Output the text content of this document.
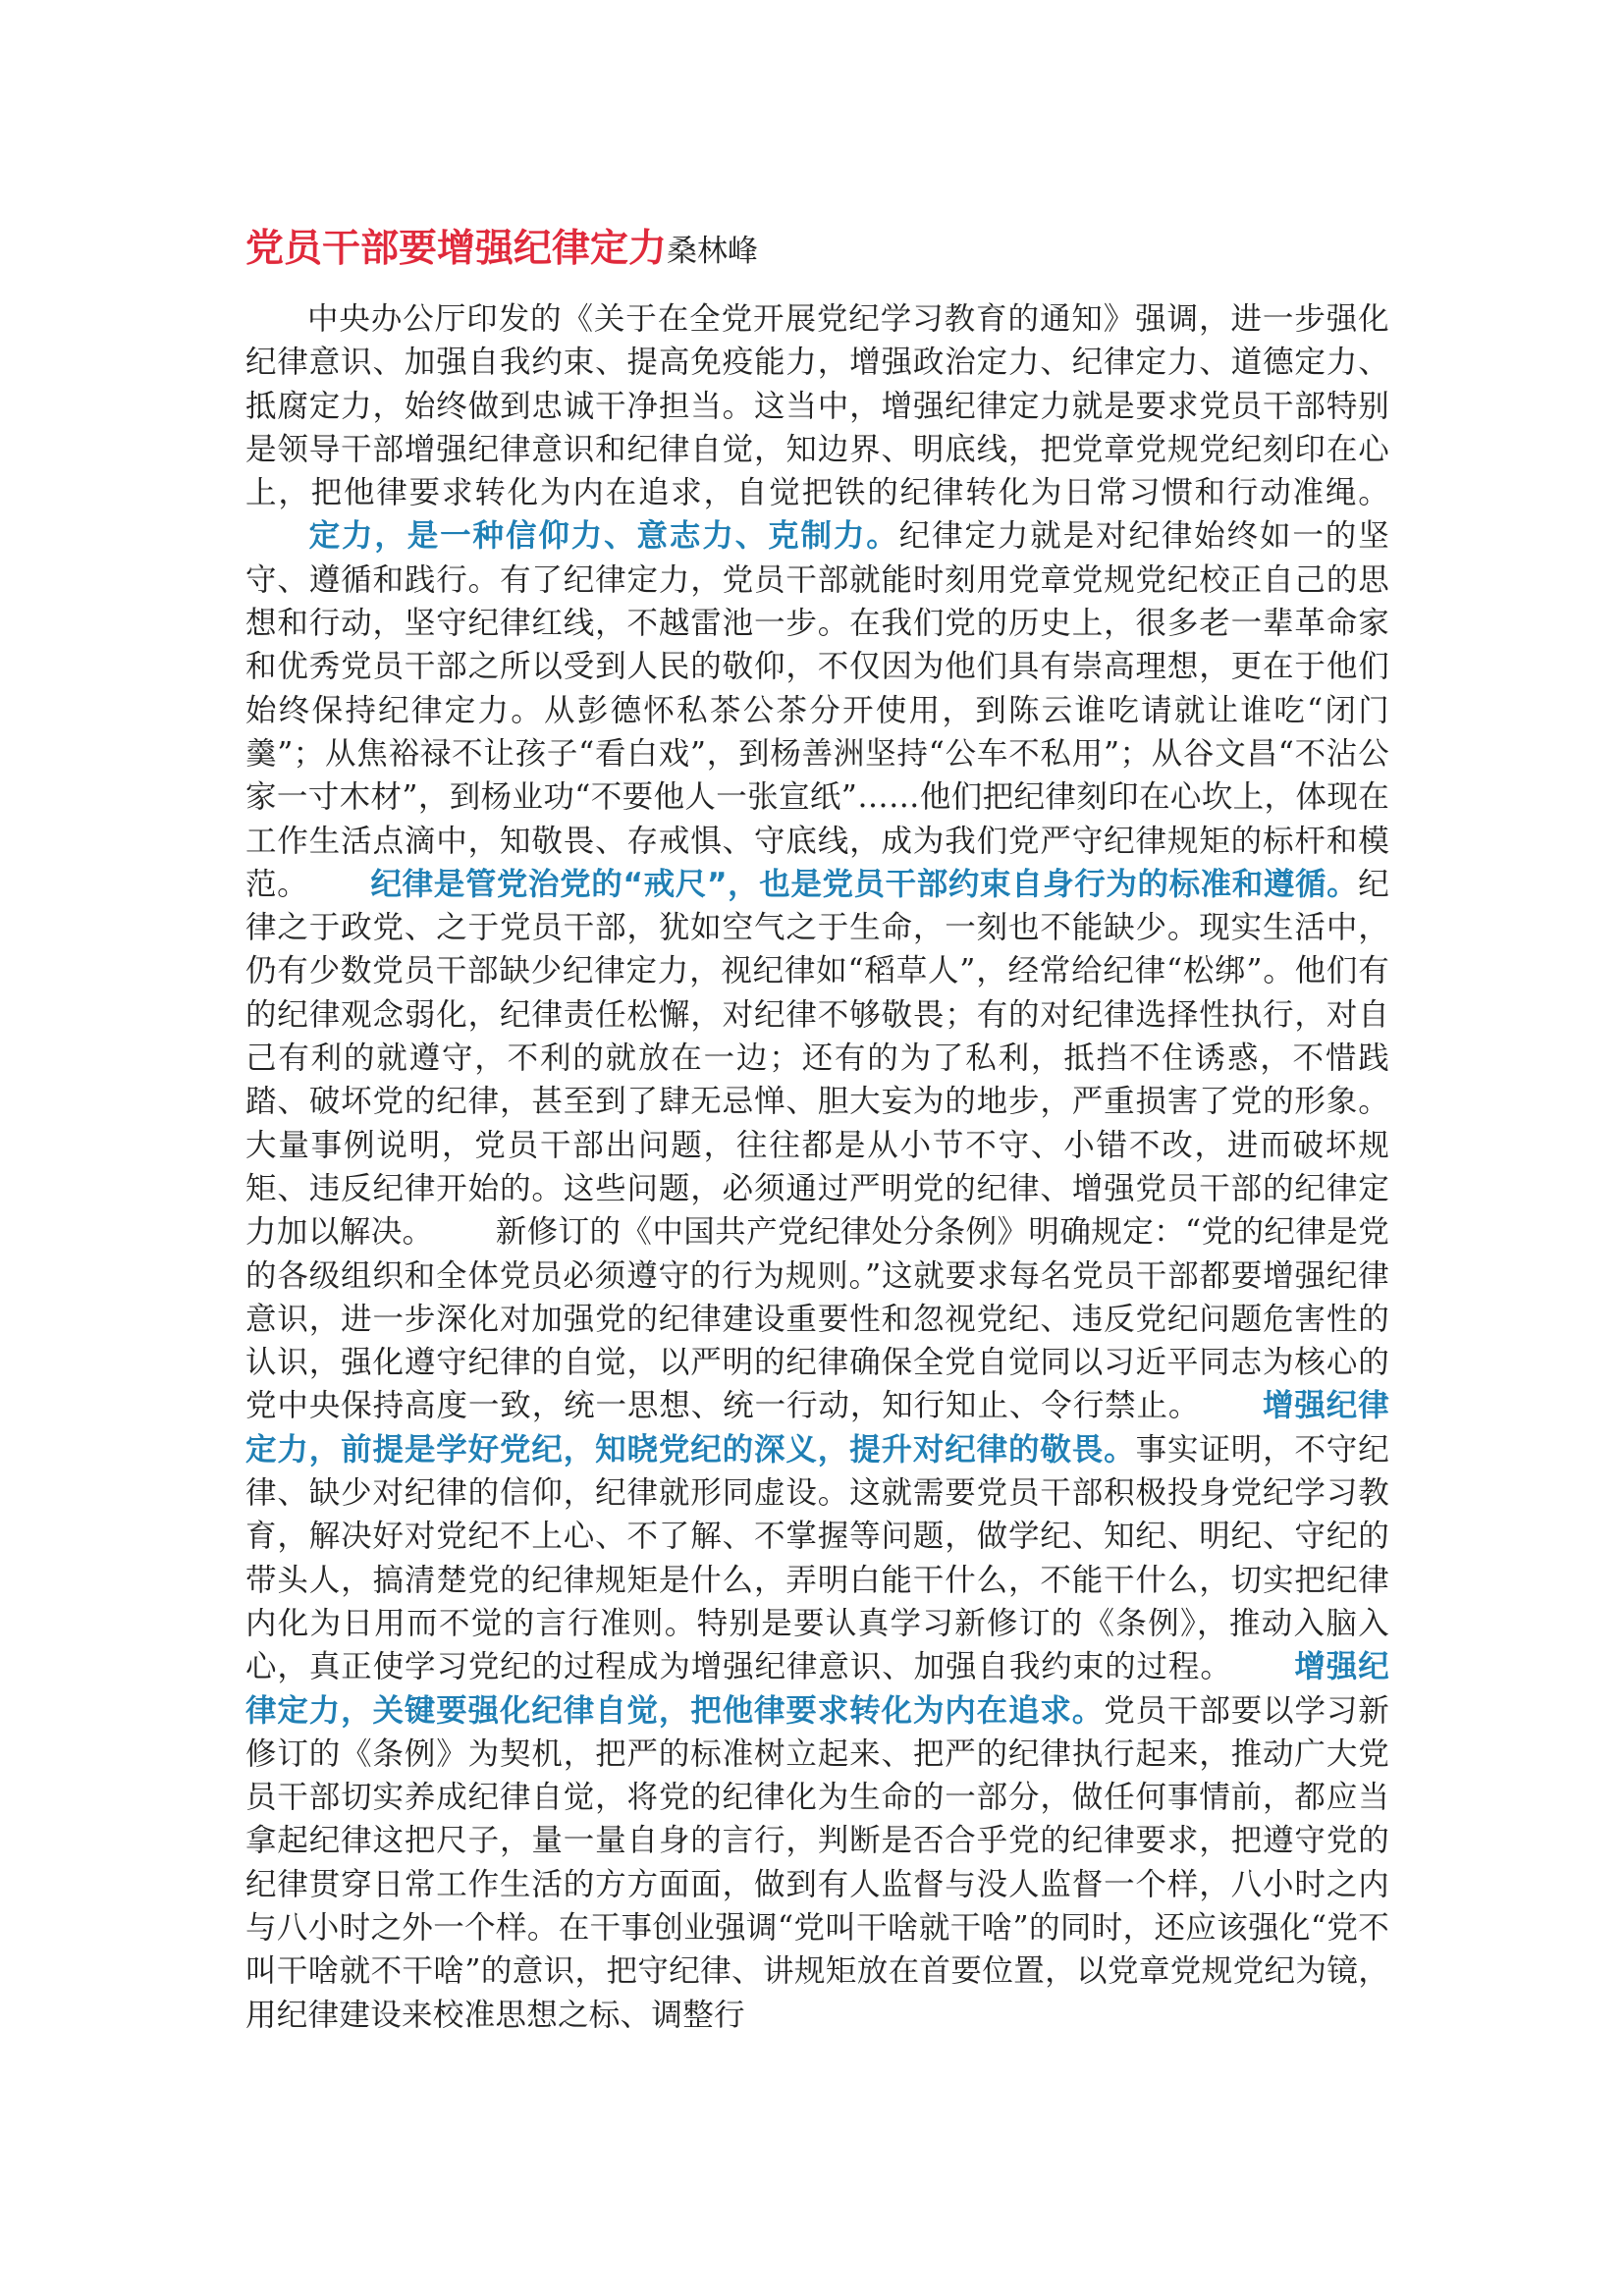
党员干部要增强纪律定力桑林峰

中央办公厅印发的《关于在全党开展党纪学习教育的通知》强调，进一步强化纪律意识、加强自我约束、提高免疫能力，增强政治定力、纪律定力、道德定力、抵腐定力，始终做到忠诚干净担当。这当中，增强纪律定力就是要求党员干部特别是领导干部增强纪律意识和纪律自觉，知边界、明底线，把党章党规党纪刻印在心上，把他律要求转化为内在追求，自觉把铁的纪律转化为日常习惯和行动准绳。定力，是一种信仰力、意志力、克制力。纪律定力就是对纪律始终如一的坚守、遵循和践行。有了纪律定力，党员干部就能时刻用党章党规党纪校正自己的思想和行动，坚守纪律红线，不越雷池一步。在我们党的历史上，很多老一辈革命家和优秀党员干部之所以受到人民的敬仰，不仅因为他们具有崇高理想，更在于他们始终保持纪律定力。从彭德怀私茶公茶分开使用，到陈云谁吃请就让谁吃“闭门羹”；从焦裕禄不让孩子“看白戏”，到杨善洲坚持“公车不私用”；从谷文昌“不沾公家一寸木材”，到杨业功“不要他人一张宣纸”……他们把纪律刻印在心坎上，体现在工作生活点滴中，知敬畏、存戒惧、守底线，成为我们党严守纪律规矩的标杆和模范。 纪律是管党治党的“戒尺”，也是党员干部约束自身行为的标准和遵循。纪律之于政党、之于党员干部，犹如空气之于生命，一刻也不能缺少。现实生活中，仍有少数党员干部缺少纪律定力，视纪律如“稻草人”，经常给纪律“松绑”。他们有的纪律观念弱化，纪律责任松懈，对纪律不够敬畏；有的对纪律选择性执行，对自己有利的就遵守，不利的就放在一边；还有的为了私利，抵挡不住诱惑，不惜践踏、破坏党的纪律，甚至到了肆无忌惮、胆大妄为的地步，严重损害了党的形象。大量事例说明，党员干部出问题，往往都是从小节不守、小错不改，进而破坏规矩、违反纪律开始的。这些问题，必须通过严明党的纪律、增强党员干部的纪律定力加以解决。 新修订的《中国共产党纪律处分条例》明确规定：“党的纪律是党的各级组织和全体党员必须遵守的行为规则。”这就要求每名党员干部都要增强纪律意识，进一步深化对加强党的纪律建设重要性和忽视党纪、违反党纪问题危害性的认识，强化遵守纪律的自觉，以严明的纪律确保全党自觉同以习近平同志为核心的党中央保持高度一致，统一思想、统一行动，知行知止、令行禁止。 增强纪律定力，前提是学好党纪，知晓党纪的深义，提升对纪律的敬畏。事实证明，不守纪律、缺少对纪律的信仰，纪律就形同虚设。这就需要党员干部积极投身党纪学习教育，解决好对党纪不上心、不了解、不掌握等问题，做学纪、知纪、明纪、守纪的带头人，搞清楚党的纪律规矩是什么，弄明白能干什么，不能干什么，切实把纪律内化为日用而不觉的言行准则。特别是要认真学习新修订的《条例》，推动入脑入心，真正使学习党纪的过程成为增强纪律意识、加强自我约束的过程。 增强纪律定力，关键要强化纪律自觉，把他律要求转化为内在追求。党员干部要以学习新修订的《条例》为契机，把严的标准树立起来、把严的纪律执行起来，推动广大党员干部切实养成纪律自觉，将党的纪律化为生命的一部分，做任何事情前，都应当拿起纪律这把尺子，量一量自身的言行，判断是否合乎党的纪律要求，把遵守党的纪律贯穿日常工作生活的方方面面，做到有人监督与没人监督一个样，八小时之内与八小时之外一个样。在干事创业强调“党叫干啥就干啥”的同时，还应该强化“党不叫干啥就不干啥”的意识，把守纪律、讲规矩放在首要位置，以党章党规党纪为镜，用纪律建设来校准思想之标、调整行
